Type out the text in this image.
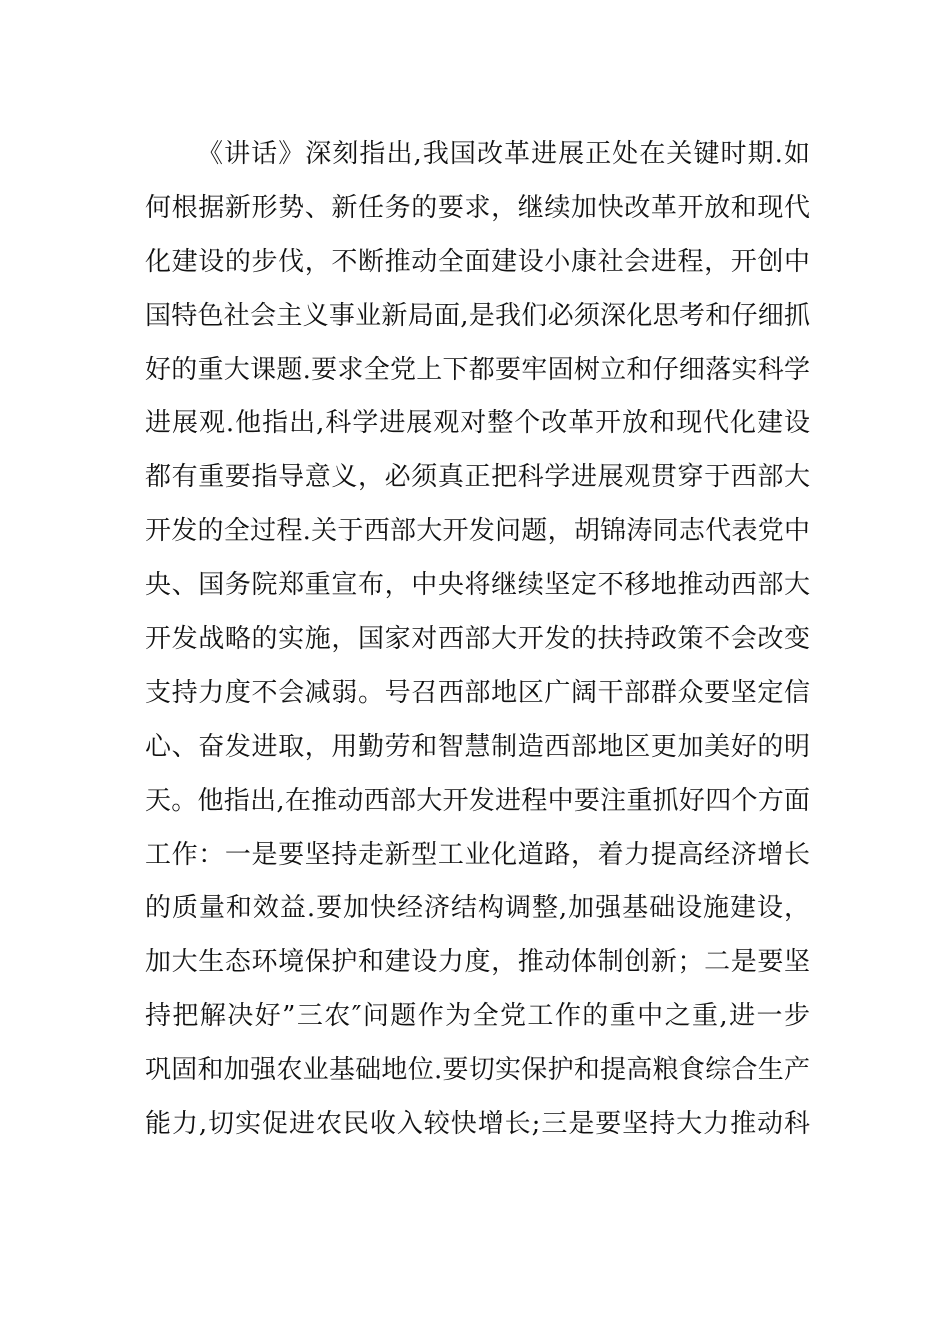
《讲话》深刻指出,我国改革进展正处在关键时期.如
何根据新形势、新任务的要求，继续加快改革开放和现代
化建设的步伐，不断推动全面建设小康社会进程，开创中
国特色社会主义事业新局面,是我们必须深化思考和仔细抓
好的重大课题.要求全党上下都要牢固树立和仔细落实科学
进展观.他指出,科学进展观对整个改革开放和现代化建设
都有重要指导意义，必须真正把科学进展观贯穿于西部大
开发的全过程.关于西部大开发问题，胡锦涛同志代表党中
央、国务院郑重宣布，中央将继续坚定不移地推动西部大
开发战略的实施，国家对西部大开发的扶持政策不会改变
支持力度不会减弱。号召西部地区广阔干部群众要坚定信
心、奋发进取，用勤劳和智慧制造西部地区更加美好的明
天。他指出,在推动西部大开发进程中要注重抓好四个方面
工作：一是要坚持走新型工业化道路，着力提高经济增长
的质量和效益.要加快经济结构调整,加强基础设施建设，
加大生态环境保护和建设力度，推动体制创新；二是要坚
持把解决好”三农″问题作为全党工作的重中之重,进一步
巩固和加强农业基础地位.要切实保护和提高粮食综合生产
能力,切实促进农民收入较快增长;三是要坚持大力推动科
